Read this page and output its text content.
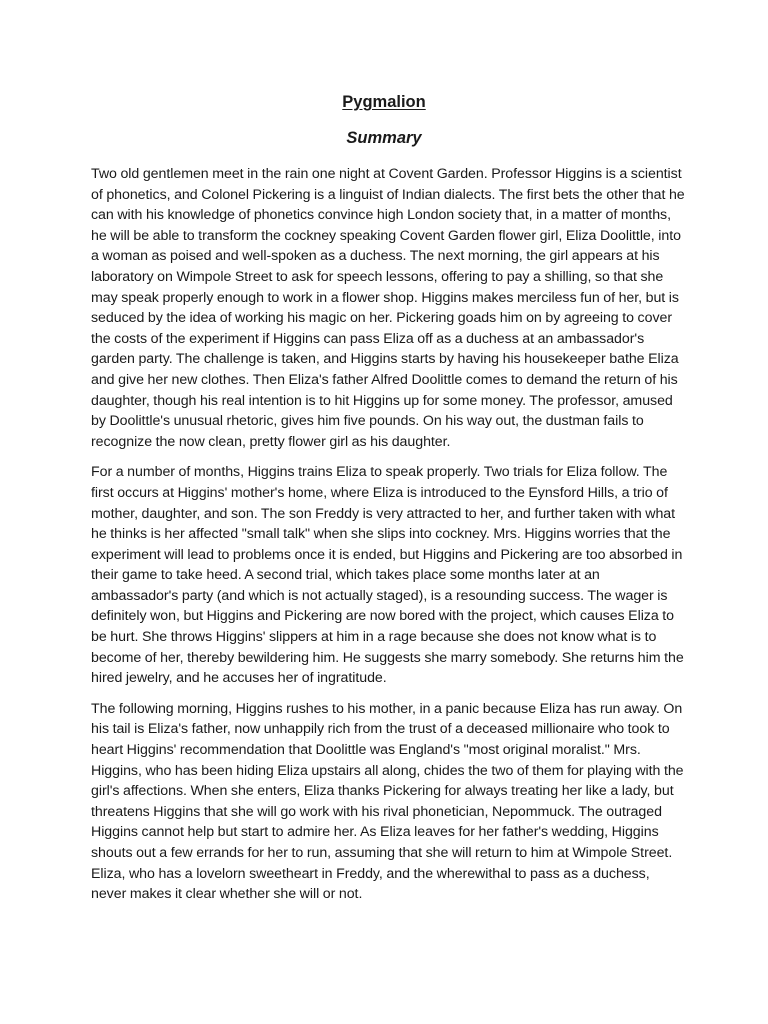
Pygmalion
Summary

Two old gentlemen meet in the rain one night at Covent Garden. Professor Higgins is a scientist of phonetics, and Colonel Pickering is a linguist of Indian dialects. The first bets the other that he can with his knowledge of phonetics convince high London society that, in a matter of months, he will be able to transform the cockney speaking Covent Garden flower girl, Eliza Doolittle, into a woman as poised and well-spoken as a duchess. The next morning, the girl appears at his laboratory on Wimpole Street to ask for speech lessons, offering to pay a shilling, so that she may speak properly enough to work in a flower shop. Higgins makes merciless fun of her, but is seduced by the idea of working his magic on her. Pickering goads him on by agreeing to cover the costs of the experiment if Higgins can pass Eliza off as a duchess at an ambassador's garden party. The challenge is taken, and Higgins starts by having his housekeeper bathe Eliza and give her new clothes. Then Eliza's father Alfred Doolittle comes to demand the return of his daughter, though his real intention is to hit Higgins up for some money. The professor, amused by Doolittle's unusual rhetoric, gives him five pounds. On his way out, the dustman fails to recognize the now clean, pretty flower girl as his daughter.

For a number of months, Higgins trains Eliza to speak properly. Two trials for Eliza follow. The first occurs at Higgins' mother's home, where Eliza is introduced to the Eynsford Hills, a trio of mother, daughter, and son. The son Freddy is very attracted to her, and further taken with what he thinks is her affected "small talk" when she slips into cockney. Mrs. Higgins worries that the experiment will lead to problems once it is ended, but Higgins and Pickering are too absorbed in their game to take heed. A second trial, which takes place some months later at an ambassador's party (and which is not actually staged), is a resounding success. The wager is definitely won, but Higgins and Pickering are now bored with the project, which causes Eliza to be hurt. She throws Higgins' slippers at him in a rage because she does not know what is to become of her, thereby bewildering him. He suggests she marry somebody. She returns him the hired jewelry, and he accuses her of ingratitude.

The following morning, Higgins rushes to his mother, in a panic because Eliza has run away. On his tail is Eliza's father, now unhappily rich from the trust of a deceased millionaire who took to heart Higgins' recommendation that Doolittle was England's "most original moralist." Mrs. Higgins, who has been hiding Eliza upstairs all along, chides the two of them for playing with the girl's affections. When she enters, Eliza thanks Pickering for always treating her like a lady, but threatens Higgins that she will go work with his rival phonetician, Nepommuck. The outraged Higgins cannot help but start to admire her. As Eliza leaves for her father's wedding, Higgins shouts out a few errands for her to run, assuming that she will return to him at Wimpole Street. Eliza, who has a lovelorn sweetheart in Freddy, and the wherewithal to pass as a duchess, never makes it clear whether she will or not.
